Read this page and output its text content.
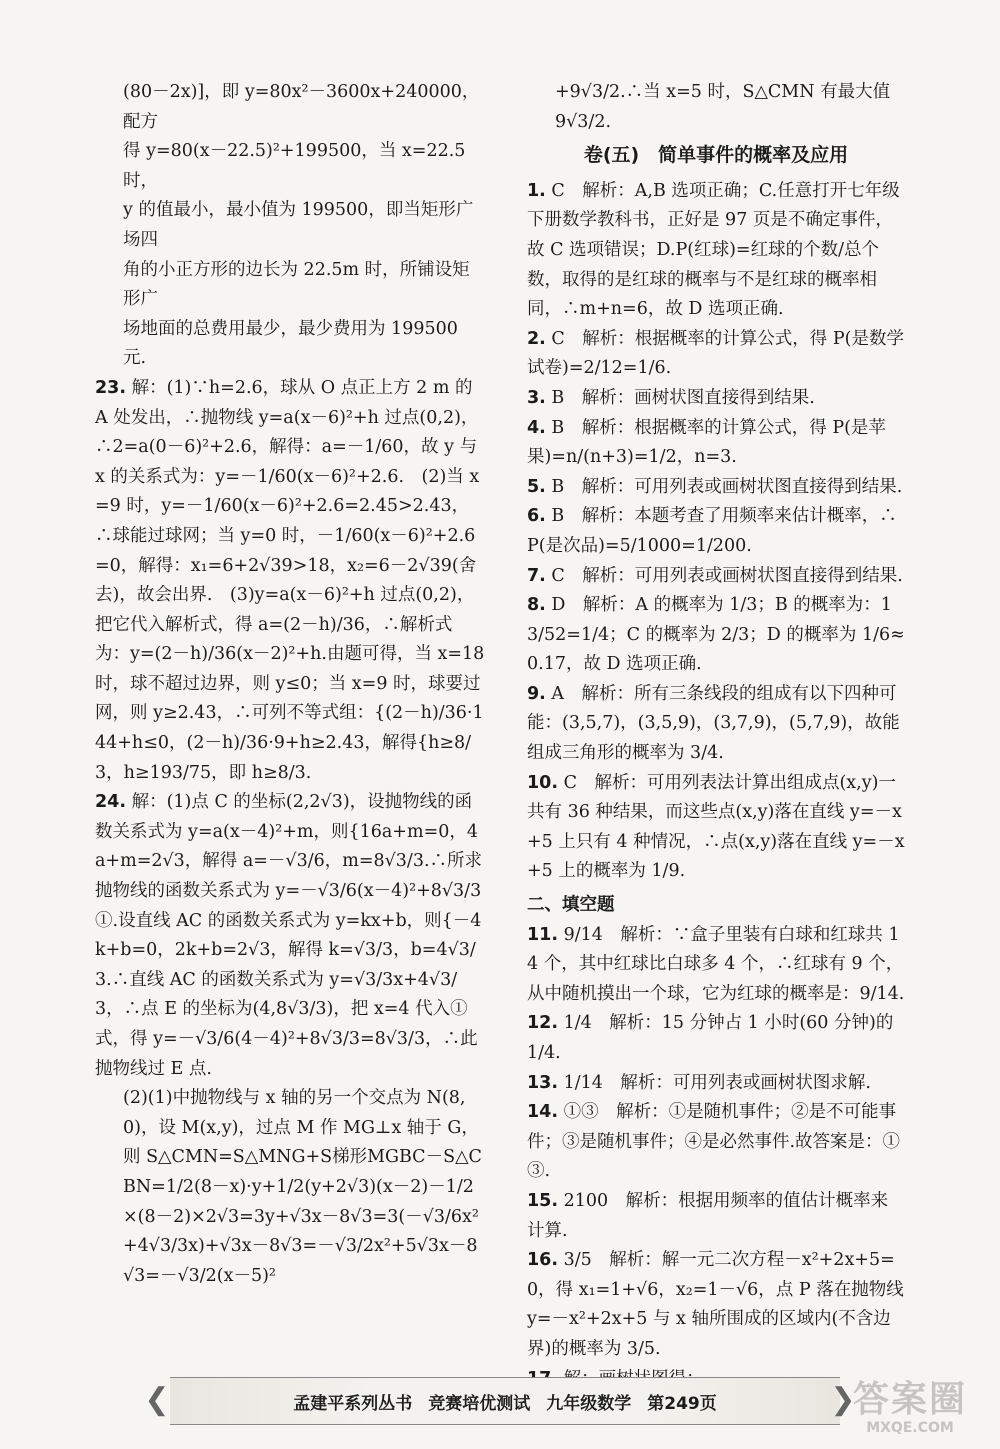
(80－2x)]，即 y=80x²－3600x+240000，配方

得 y=80(x－22.5)²+199500，当 x=22.5 时，

y 的值最小，最小值为 199500，即当矩形广场四

角的小正方形的边长为 22.5m 时，所铺设矩形广

场地面的总费用最少，最少费用为 199500 元.

23. 解：(1)∵h=2.6，球从 O 点正上方 2 m 的 A 处发出，∴抛物线 y=a(x－6)²+h 过点(0,2)，∴2=a(0－6)²+2.6，解得：a=－1/60，故 y 与 x 的关系式为：y=－1/60(x－6)²+2.6.　(2)当 x=9 时，y=－1/60(x－6)²+2.6=2.45>2.43，∴球能过球网；当 y=0 时，－1/60(x－6)²+2.6=0，解得：x₁=6+2√39>18，x₂=6－2√39(舍去)，故会出界.　(3)y=a(x－6)²+h 过点(0,2)，把它代入解析式，得 a=(2－h)/36，∴解析式为：y=(2－h)/36(x－2)²+h.由题可得，当 x=18 时，球不超过边界，则 y≤0；当 x=9 时，球要过网，则 y≥2.43，∴可列不等式组：{(2－h)/36·144+h≤0，(2－h)/36·9+h≥2.43，解得{h≥8/3，h≥193/75，即 h≥8/3.

24. 解：(1)点 C 的坐标(2,2√3)，设抛物线的函数关系式为 y=a(x－4)²+m，则{16a+m=0，4a+m=2√3，解得 a=－√3/6，m=8√3/3.∴所求抛物线的函数关系式为 y=－√3/6(x－4)²+8√3/3①.设直线 AC 的函数关系式为 y=kx+b，则{－4k+b=0，2k+b=2√3，解得 k=√3/3，b=4√3/3.∴直线 AC 的函数关系式为 y=√3/3x+4√3/3，∴点 E 的坐标为(4,8√3/3)，把 x=4 代入①式，得 y=－√3/6(4－4)²+8√3/3=8√3/3，∴此抛物线过 E 点.

(2)(1)中抛物线与 x 轴的另一个交点为 N(8,0)，设 M(x,y)，过点 M 作 MG⊥x 轴于 G，则 S△CMN=S△MNG+S梯形MGBC－S△CBN=1/2(8－x)·y+1/2(y+2√3)(x－2)－1/2×(8－2)×2√3=3y+√3x－8√3=3(－√3/6x²+4√3/3x)+√3x－8√3=－√3/2x²+5√3x－8√3=－√3/2(x－5)²

+9√3/2.∴当 x=5 时，S△CMN 有最大值 9√3/2.

卷(五)　简单事件的概率及应用

1. C　解析：A,B 选项正确；C.任意打开七年级下册数学教科书，正好是 97 页是不确定事件，故 C 选项错误；D.P(红球)=红球的个数/总个数，取得的是红球的概率与不是红球的概率相同，∴m+n=6，故 D 选项正确.

2. C　解析：根据概率的计算公式，得 P(是数学试卷)=2/12=1/6.

3. B　解析：画树状图直接得到结果.

4. B　解析：根据概率的计算公式，得 P(是苹果)=n/(n+3)=1/2，n=3.

5. B　解析：可用列表或画树状图直接得到结果.

6. B　解析：本题考查了用频率来估计概率，∴P(是次品)=5/1000=1/200.

7. C　解析：可用列表或画树状图直接得到结果.

8. D　解析：A 的概率为 1/3；B 的概率为：13/52=1/4；C 的概率为 2/3；D 的概率为 1/6≈0.17，故 D 选项正确.

9. A　解析：所有三条线段的组成有以下四种可能：(3,5,7)，(3,5,9)，(3,7,9)，(5,7,9)，故能组成三角形的概率为 3/4.

10. C　解析：可用列表法计算出组成点(x,y)一共有 36 种结果，而这些点(x,y)落在直线 y=－x+5 上只有 4 种情况，∴点(x,y)落在直线 y=－x+5 上的概率为 1/9.

二、填空题

11. 9/14　解析：∵盒子里装有白球和红球共 14 个，其中红球比白球多 4 个，∴红球有 9 个，从中随机摸出一个球，它为红球的概率是：9/14.

12. 1/4　解析：15 分钟占 1 小时(60 分钟)的 1/4.

13. 1/14　解析：可用列表或画树状图求解.

14. ①③　解析：①是随机事件；②是不可能事件；③是随机事件；④是必然事件.故答案是：①③.

15. 2100　解析：根据用频率的值估计概率来计算.

16. 3/5　解析：解一元二次方程－x²+2x+5=0，得 x₁=1+√6，x₂=1－√6，点 P 落在抛物线 y=－x²+2x+5 与 x 轴所围成的区域内(不含边界)的概率为 3/5.

❮	孟建平系列丛书 竞赛培优测试 九年级数学 第249页	❯
答案圈
MXQE.COM
